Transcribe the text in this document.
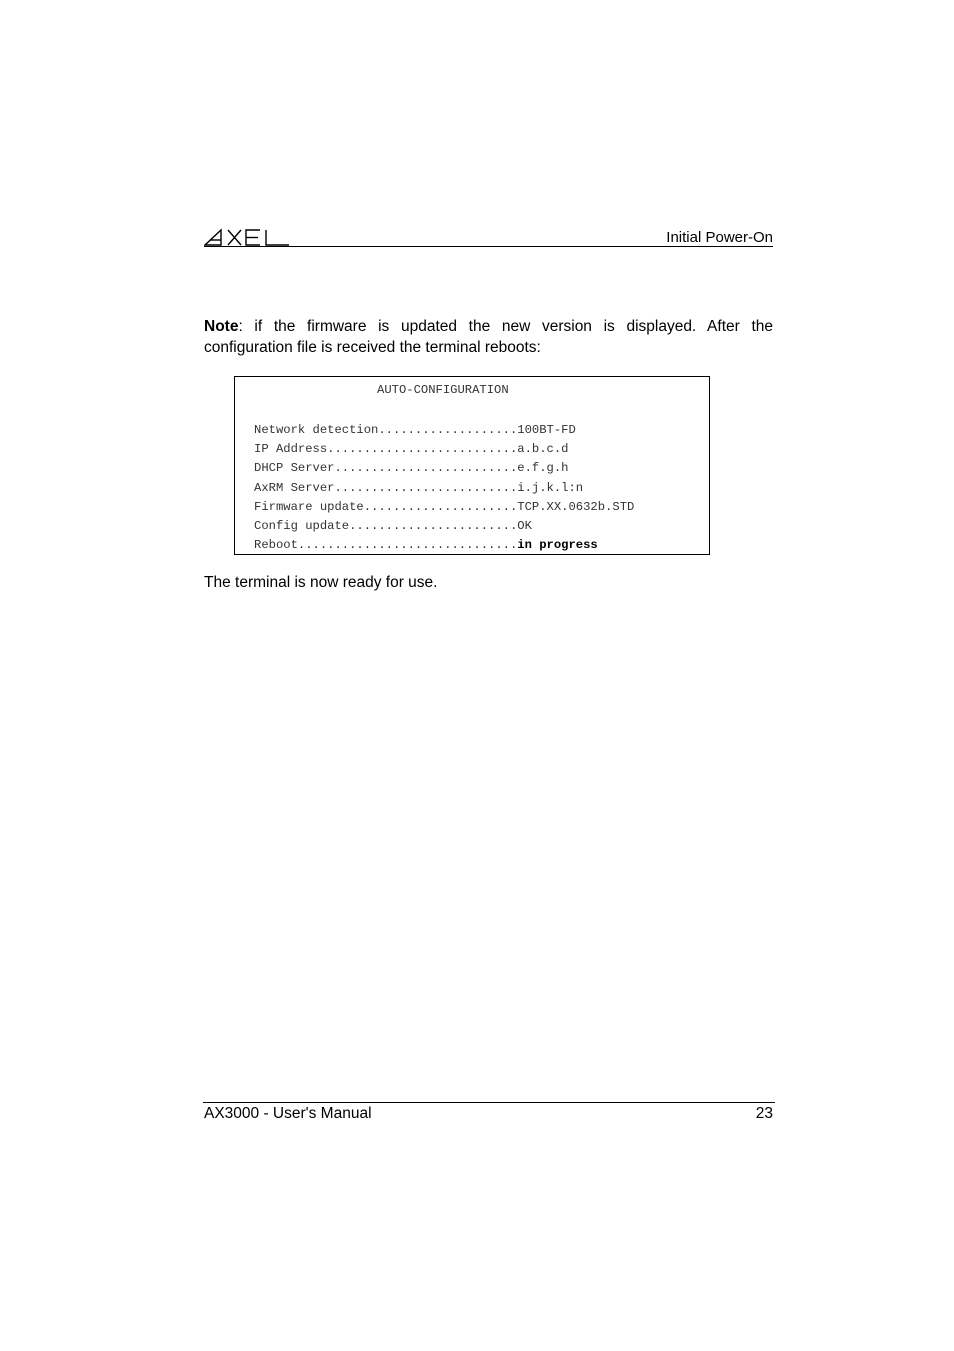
Initial Power-On

Note: if the firmware is updated the new version is displayed. After the configuration file is received the terminal reboots:

AUTO-CONFIGURATION
Network detection...................100BT-FD
IP Address..........................a.b.c.d
DHCP Server.........................e.f.g.h
AxRM Server.........................i.j.k.l:n
Firmware update.....................TCP.XX.0632b.STD
Config update.......................OK
Reboot..............................in progress
The terminal is now ready for use.
AX3000 - User's Manual	23
